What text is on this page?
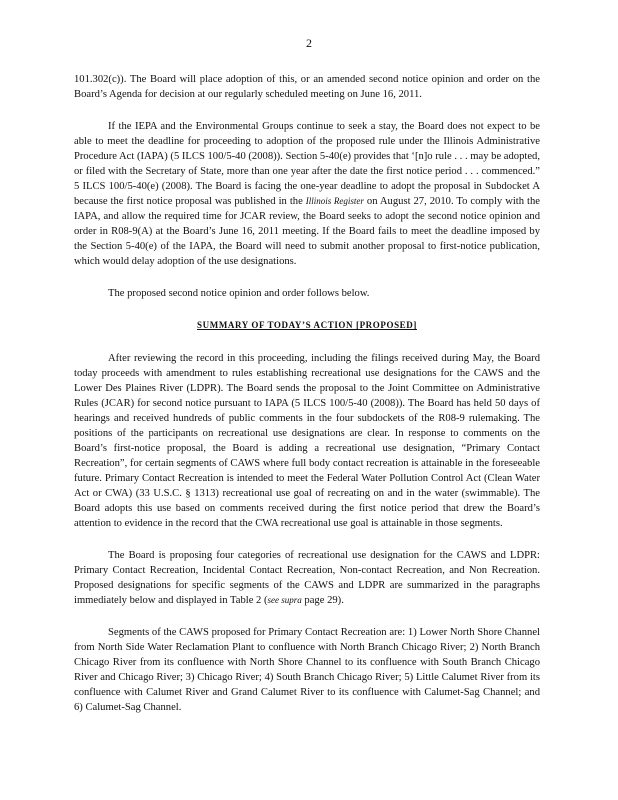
2

101.302(c)). The Board will place adoption of this, or an amended second notice opinion and order on the Board’s Agenda for decision at our regularly scheduled meeting on June 16, 2011.

If the IEPA and the Environmental Groups continue to seek a stay, the Board does not expect to be able to meet the deadline for proceeding to adoption of the proposed rule under the Illinois Administrative Procedure Act (IAPA) (5 ILCS 100/5-40 (2008)). Section 5-40(e) provides that ‘[n]o rule . . . may be adopted, or filed with the Secretary of State, more than one year after the date the first notice period . . . commenced.” 5 ILCS 100/5-40(e) (2008). The Board is facing the one-year deadline to adopt the proposal in Subdocket A because the first notice proposal was published in the Illinois Register on August 27, 2010. To comply with the IAPA, and allow the required time for JCAR review, the Board seeks to adopt the second notice opinion and order in R08-9(A) at the Board’s June 16, 2011 meeting. If the Board fails to meet the deadline imposed by the Section 5-40(e) of the IAPA, the Board will need to submit another proposal to first-notice publication, which would delay adoption of the use designations.

The proposed second notice opinion and order follows below.

SUMMARY OF TODAY’S ACTION [PROPOSED]

After reviewing the record in this proceeding, including the filings received during May, the Board today proceeds with amendment to rules establishing recreational use designations for the CAWS and the Lower Des Plaines River (LDPR). The Board sends the proposal to the Joint Committee on Administrative Rules (JCAR) for second notice pursuant to IAPA (5 ILCS 100/5-40 (2008)). The Board has held 50 days of hearings and received hundreds of public comments in the four subdockets of the R08-9 rulemaking. The positions of the participants on recreational use designations are clear. In response to comments on the Board’s first-notice proposal, the Board is adding a recreational use designation, “Primary Contact Recreation”, for certain segments of CAWS where full body contact recreation is attainable in the foreseeable future. Primary Contact Recreation is intended to meet the Federal Water Pollution Control Act (Clean Water Act or CWA) (33 U.S.C. § 1313) recreational use goal of recreating on and in the water (swimmable). The Board adopts this use based on comments received during the first notice period that drew the Board’s attention to evidence in the record that the CWA recreational use goal is attainable in those segments.

The Board is proposing four categories of recreational use designation for the CAWS and LDPR: Primary Contact Recreation, Incidental Contact Recreation, Non-contact Recreation, and Non Recreation. Proposed designations for specific segments of the CAWS and LDPR are summarized in the paragraphs immediately below and displayed in Table 2 (see supra page 29).

Segments of the CAWS proposed for Primary Contact Recreation are: 1) Lower North Shore Channel from North Side Water Reclamation Plant to confluence with North Branch Chicago River; 2) North Branch Chicago River from its confluence with North Shore Channel to its confluence with South Branch Chicago River and Chicago River; 3) Chicago River; 4) South Branch Chicago River; 5) Little Calumet River from its confluence with Calumet River and Grand Calumet River to its confluence with Calumet-Sag Channel; and 6) Calumet-Sag Channel.
